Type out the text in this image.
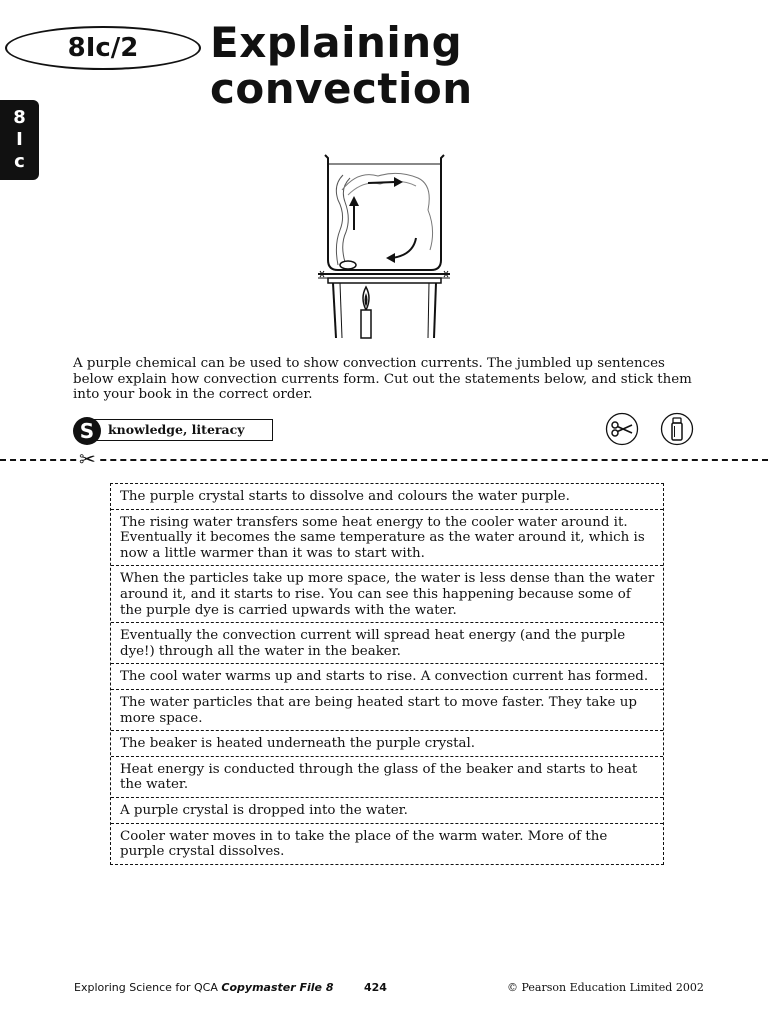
8Ic/2	Explaining
convection
8
I
c

A purple chemical can be used to show convection currents. The jumbled up sentences below explain how convection currents form. Cut out the statements below, and stick them into your book in the correct order.

S	knowledge, literacy
✂
The purple crystal starts to dissolve and colours the water purple.
The rising water transfers some heat energy to the cooler water around it. Eventually it becomes the same temperature as the water around it, which is now a little warmer than it was to start with.
When the particles take up more space, the water is less dense than the water around it, and it starts to rise. You can see this happening because some of the purple dye is carried upwards with the water.
Eventually the convection current will spread heat energy (and the purple dye!) through all the water in the beaker.
The cool water warms up and starts to rise. A convection current has formed.
The water particles that are being heated start to move faster. They take up more space.
The beaker is heated underneath the purple crystal.
Heat energy is conducted through the glass of the beaker and starts to heat the water.
A purple crystal is dropped into the water.
Cooler water moves in to take the place of the warm water. More of the purple crystal dissolves.
Exploring Science for QCA Copymaster File 8	424	© Pearson Education Limited 2002
